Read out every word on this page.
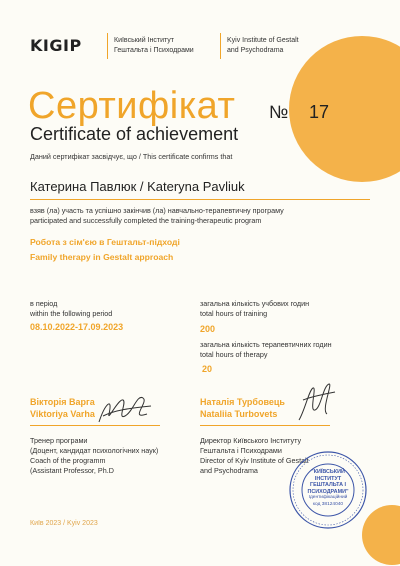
KIGIP	Київський Інститут
Гештальта і Психодрами
Kyiv Institute of Gestalt
and Psychodrama
Сертифікат № 17
Certificate of achievement
Даний сертифікат засвідчує, що / This certificate confirms that
Катерина Павлюк / Kateryna Pavliuk
взяв (ла) участь та успішно закінчив (ла) навчально-терапевтичну програму
participated and successfully completed the training-therapeutic program
Робота з сім'єю в Гештальт-підході
Family therapy in Gestalt approach
в період
within the following period
08.10.2022-17.09.2023
загальна кількість учбових годин
total hours of training
200
загальна кількість терапевтичних годин
total hours of therapy
20
Вікторія Варга
Viktoriya Varha
Тренер програми
(Доцент, кандидат психологічних наук)
Coach of the programm
(Assistant Professor, Ph.D
Наталія Турбовець
Nataliia Turbovets
Директор Київського Інституту
Гештальта і Психодрами
Director of Kyiv Institute of Gestalt
and Psychodrama	"КИЇВСЬКИЙ
ІНСТИТУТ
ГЕШТАЛЬТА І
ПСИХОДРАМИ"
Ідентифікаційний
код 38124040
Київ 2023 / Kyiv 2023
